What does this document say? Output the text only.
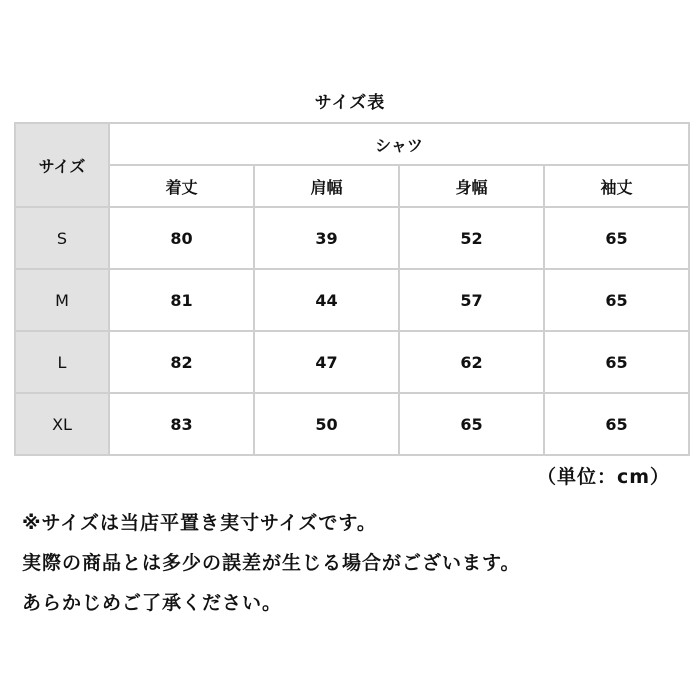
サイズ表
サイズ	シャツ			
	着丈	肩幅	身幅	袖丈
S	80	39	52	65
M	81	44	57	65
L	82	47	62	65
XL	83	50	65	65
（単位：cm）
※サイズは当店平置き実寸サイズです。
実際の商品とは多少の誤差が生じる場合がございます。
あらかじめご了承ください。
